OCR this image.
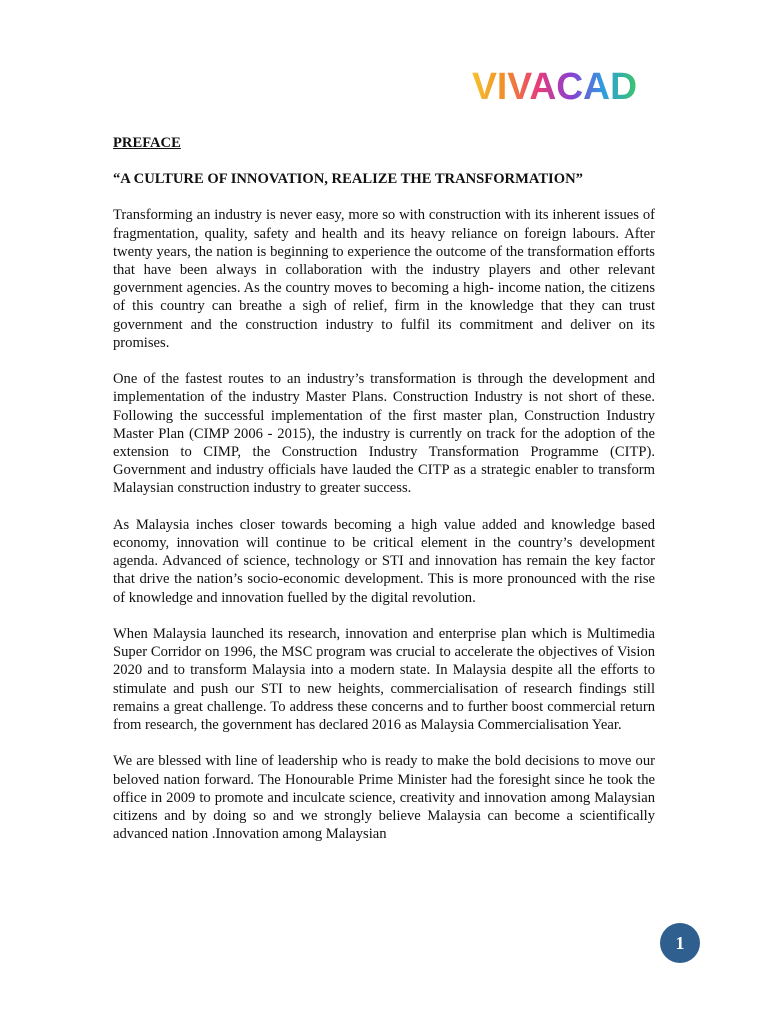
VIVACAD
PREFACE
“A CULTURE OF INNOVATION, REALIZE THE TRANSFORMATION”

Transforming an industry is never easy, more so with construction with its inherent issues of fragmentation, quality, safety and health and its heavy reliance on foreign labours. After twenty years, the nation is beginning to experience the outcome of the transformation efforts that have been always in collaboration with the industry players and other relevant government agencies. As the country moves to becoming a high- income nation, the citizens of this country can breathe a sigh of relief, firm in the knowledge that they can trust government and the construction industry to fulfil its commitment and deliver on its promises.

One of the fastest routes to an industry’s transformation is through the development and implementation of the industry Master Plans. Construction Industry is not short of these. Following the successful implementation of the first master plan, Construction Industry Master Plan (CIMP 2006 - 2015), the industry is currently on track for the adoption of the extension to CIMP, the Construction Industry Transformation Programme (CITP). Government and industry officials have lauded the CITP as a strategic enabler to transform Malaysian construction industry to greater success.

As Malaysia inches closer towards becoming a high value added and knowledge based economy, innovation will continue to be critical element in the country’s development agenda. Advanced of science, technology or STI and innovation has remain the key factor that drive the nation’s socio-economic development. This is more pronounced with the rise of knowledge and innovation fuelled by the digital revolution.

When Malaysia launched its research, innovation and enterprise plan which is Multimedia Super Corridor on 1996, the MSC program was crucial to accelerate the objectives of Vision 2020 and to transform Malaysia into a modern state. In Malaysia despite all the efforts to stimulate and push our STI to new heights, commercialisation of research findings still remains a great challenge. To address these concerns and to further boost commercial return from research, the government has declared 2016 as Malaysia Commercialisation Year.

We are blessed with line of leadership who is ready to make the bold decisions to move our beloved nation forward. The Honourable Prime Minister had the foresight since he took the office in 2009 to promote and inculcate science, creativity and innovation among Malaysian citizens and by doing so and we strongly believe Malaysia can become a scientifically advanced nation .Innovation among Malaysian

1
